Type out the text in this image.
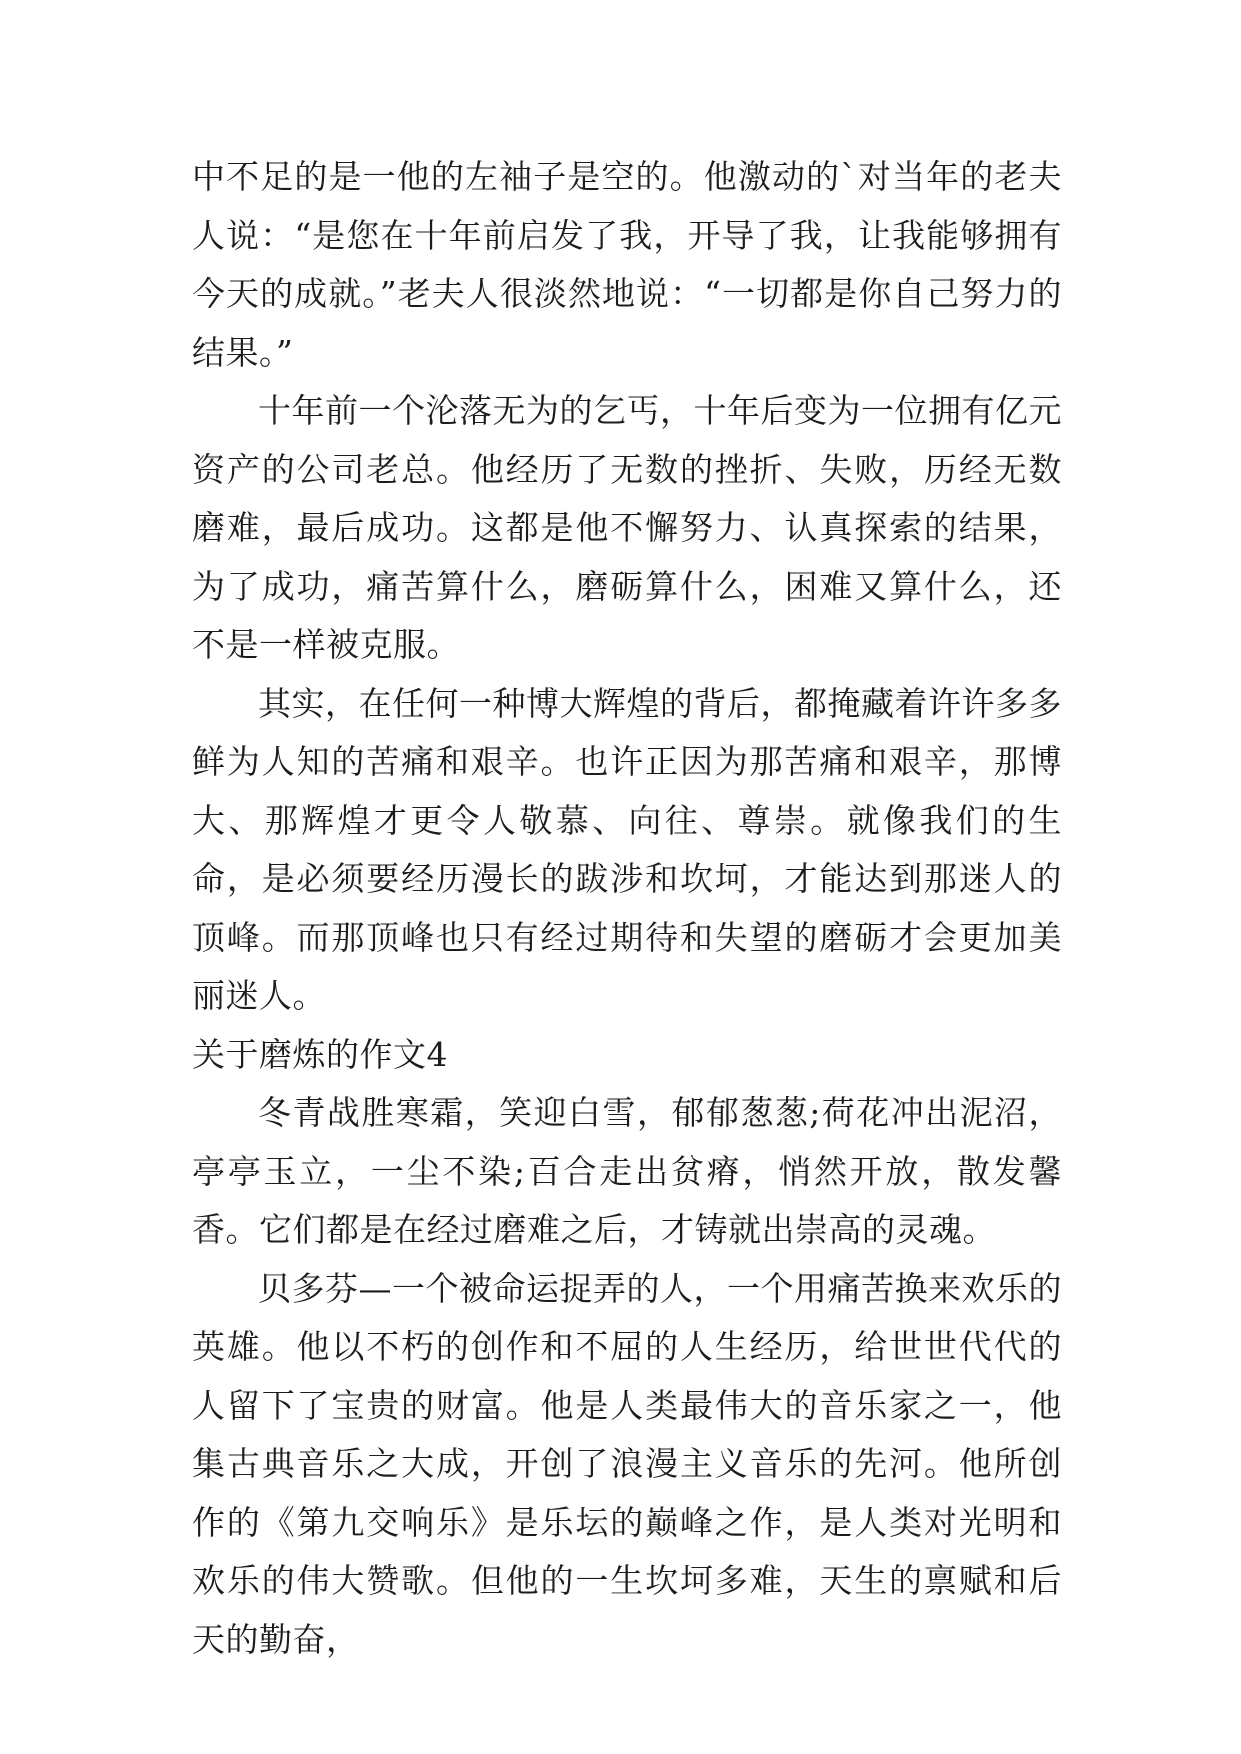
中不足的是一他的左袖子是空的。他激动的`对当年的老夫人说：“是您在十年前启发了我，开导了我，让我能够拥有今天的成就。”老夫人很淡然地说：“一切都是你自己努力的结果。”

十年前一个沦落无为的乞丐，十年后变为一位拥有亿元资产的公司老总。他经历了无数的挫折、失败，历经无数磨难，最后成功。这都是他不懈努力、认真探索的结果，为了成功，痛苦算什么，磨砺算什么，困难又算什么，还不是一样被克服。

其实，在任何一种博大辉煌的背后，都掩藏着许许多多鲜为人知的苦痛和艰辛。也许正因为那苦痛和艰辛，那博大、那辉煌才更令人敬慕、向往、尊崇。就像我们的生命，是必须要经历漫长的跋涉和坎坷，才能达到那迷人的顶峰。而那顶峰也只有经过期待和失望的磨砺才会更加美丽迷人。

关于磨炼的作文4

冬青战胜寒霜，笑迎白雪，郁郁葱葱;荷花冲出泥沼，亭亭玉立，一尘不染;百合走出贫瘠，悄然开放，散发馨香。它们都是在经过磨难之后，才铸就出崇高的灵魂。

贝多芬—一个被命运捉弄的人，一个用痛苦换来欢乐的英雄。他以不朽的创作和不屈的人生经历，给世世代代的人留下了宝贵的财富。他是人类最伟大的音乐家之一，他集古典音乐之大成，开创了浪漫主义音乐的先河。他所创作的《第九交响乐》是乐坛的巅峰之作，是人类对光明和欢乐的伟大赞歌。但他的一生坎坷多难，天生的禀赋和后天的勤奋，
